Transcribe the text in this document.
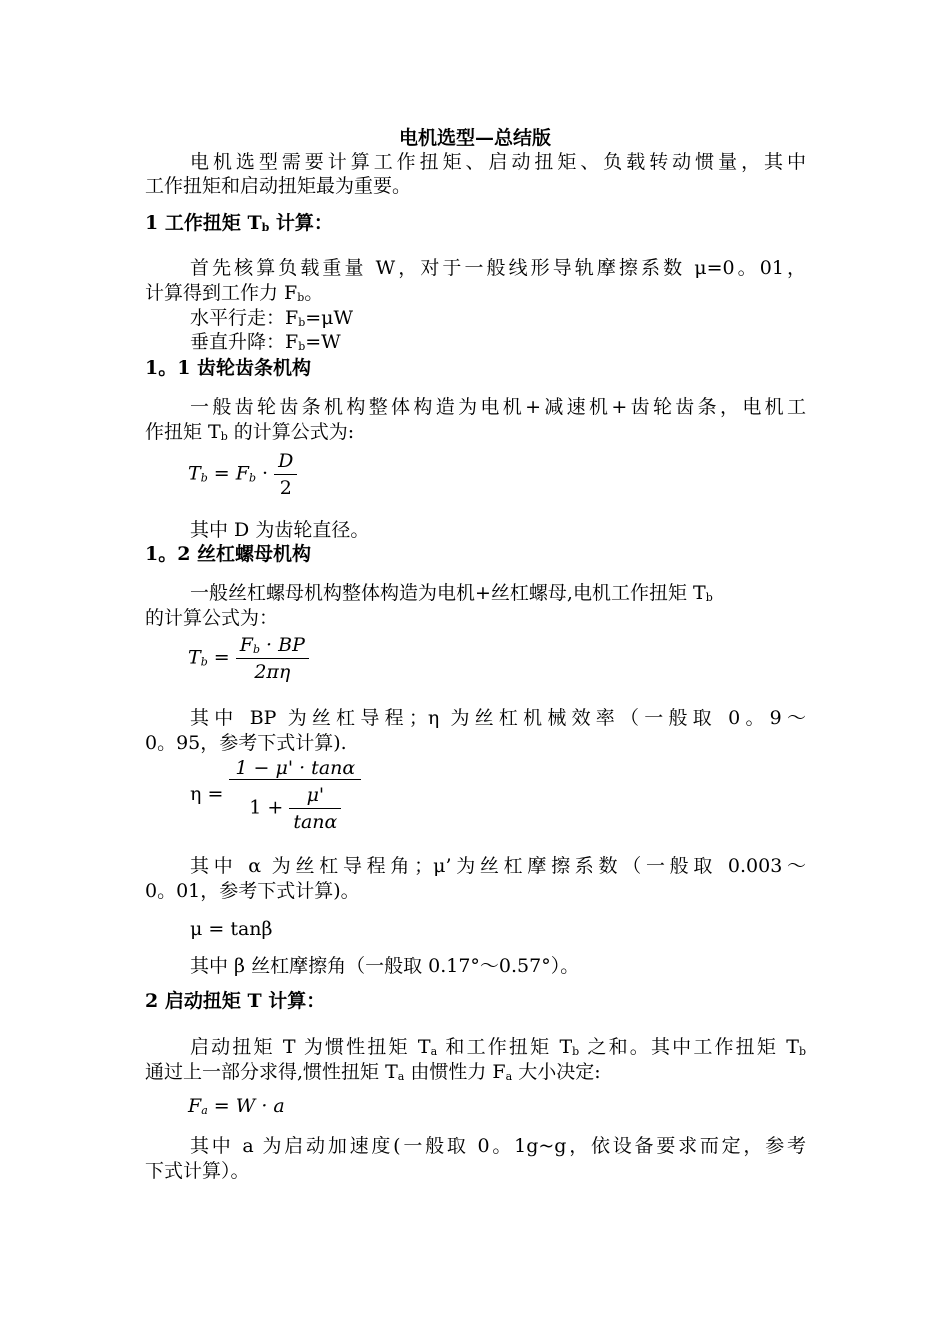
电机选型—总结版
电机选型需要计算工作扭矩、启动扭矩、负载转动惯量，其中
工作扭矩和启动扭矩最为重要。
1 工作扭矩 $T_b$ 计算：
首先核算负载重量 W，对于一般线形导轨摩擦系数 μ=0。01，
计算得到工作力 $F_b$。
水平行走：$F_b=\mu W$
垂直升降：$F_b=W$
1。1 齿轮齿条机构
一般齿轮齿条机构整体构造为电机+减速机+齿轮齿条，电机工
作扭矩 $T_b$ 的计算公式为:
$T_b = F_b \cdot \frac{D}{2}$
其中 D 为齿轮直径。
1。2 丝杠螺母机构
一般丝杠螺母机构整体构造为电机+丝杠螺母,电机工作扭矩 $T_b$
的计算公式为：
$T_b = \frac{F_b \cdot BP}{2\pi\eta}$
其中 BP 为丝杠导程；η 为丝杠机械效率（一般取 0。9～
0。95，参考下式计算).
$\eta = \frac{1 - \mu' \cdot \tan\alpha}{1 + \frac{\mu'}{\tan\alpha}}$
其中 α 为丝杠导程角；μ’为丝杠摩擦系数（一般取 0.003～
0。01，参考下式计算)。
μ = tanβ
其中 β 丝杠摩擦角（一般取 0.17°～0.57°）。
2 启动扭矩 T 计算：
启动扭矩 T 为惯性扭矩 $T_a$ 和工作扭矩 $T_b$ 之和。其中工作扭矩 $T_b$
通过上一部分求得,惯性扭矩 $T_a$ 由惯性力 $F_a$ 大小决定:
$F_a = W \cdot a$
其中 a 为启动加速度(一般取 0。1g~g，依设备要求而定，参考
下式计算）。
